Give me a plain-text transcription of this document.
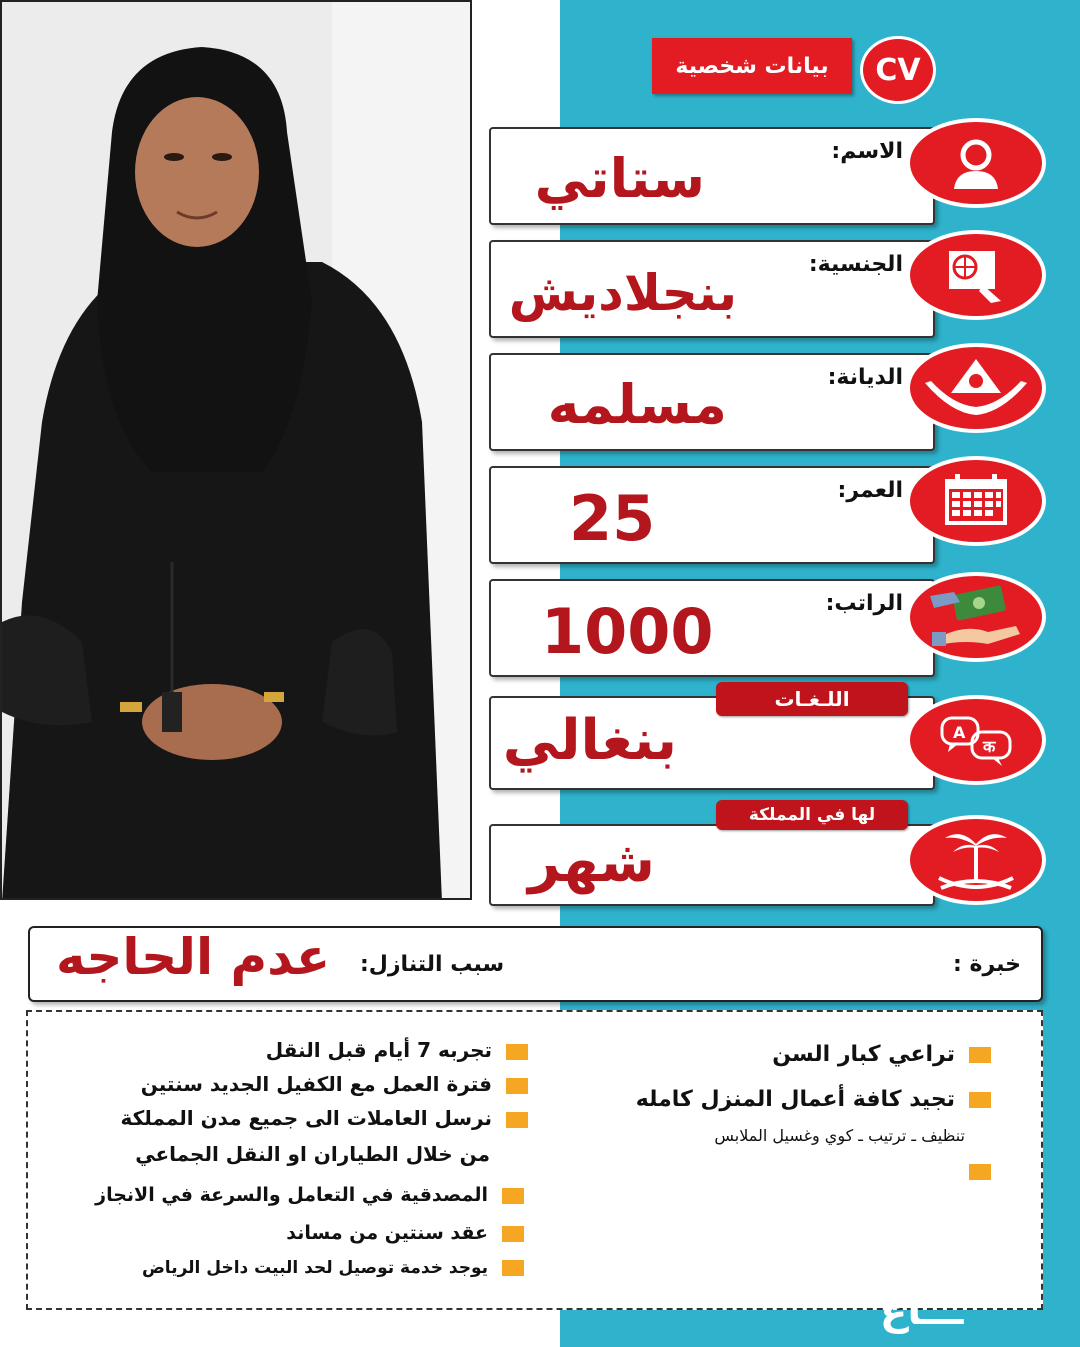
بيانات شخصية	CV
الاسم:
ستاتي
الجنسية:
بنجلاديش
الديانة:
مسلمه
العمر:
25
الراتب:
1000
بنغالي
اللـغـات
A
क
شهر
لها في المملكة
عدم الحاجه سبب التنازل:	خبرة :
تراعي كبار السن
تجيد كافة أعمال المنزل كامله
تنظيف ـ ترتيب ـ كوي وغسيل الملابس
تجربه 7 أيام قبل النقل
فترة العمل مع الكفيل الجديد سنتين
نرسل العاملات الى جميع مدن المملكة
من خلال الطياران او النقل الجماعي
المصدقية في التعامل والسرعة في الانجاز
عقد سنتين من مساند
يوجد خدمة توصيل لحد البيت داخل الرياض
ـــاع
